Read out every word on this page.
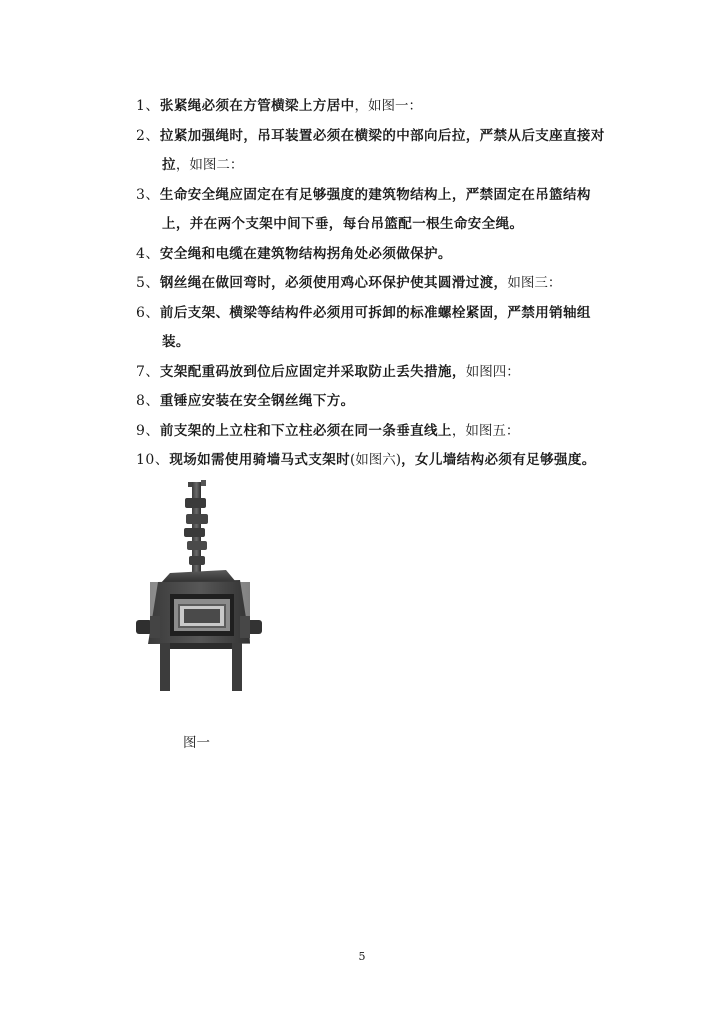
1、张紧绳必须在方管横梁上方居中，如图一：
2、拉紧加强绳时，吊耳装置必须在横梁的中部向后拉，严禁从后支座直接对
拉，如图二：
3、生命安全绳应固定在有足够强度的建筑物结构上，严禁固定在吊篮结构
上，并在两个支架中间下垂，每台吊篮配一根生命安全绳。
4、安全绳和电缆在建筑物结构拐角处必须做保护。
5、钢丝绳在做回弯时，必须使用鸡心环保护使其圆滑过渡，如图三：
6、前后支架、横梁等结构件必须用可拆卸的标准螺栓紧固，严禁用销轴组
装。
7、支架配重码放到位后应固定并采取防止丢失措施，如图四：
8、重锤应安装在安全钢丝绳下方。
9、前支架的上立柱和下立柱必须在同一条垂直线上，如图五：
10、现场如需使用骑墙马式支架时(如图六)，女儿墙结构必须有足够强度。
图一
5
